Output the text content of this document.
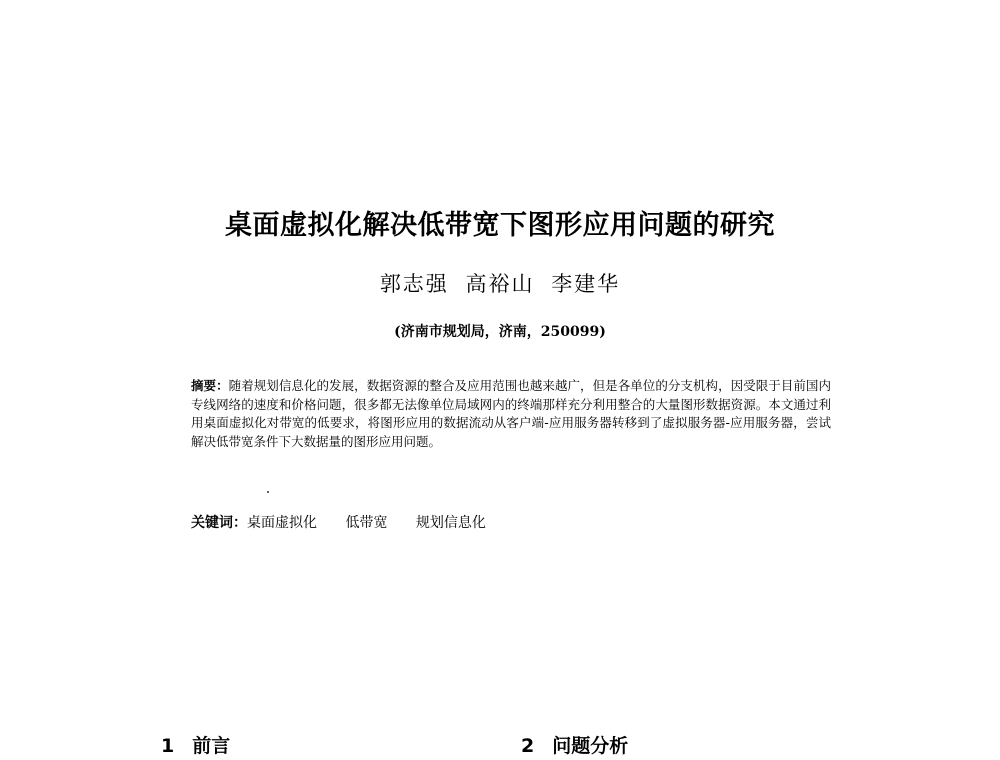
桌面虚拟化解决低带宽下图形应用问题的研究
郭志强 高裕山 李建华
(济南市规划局，济南，250099)
摘要：随着规划信息化的发展，数据资源的整合及应用范围也越来越广，但是各单位的分支机构，因受限于目前国内专线网络的速度和价格问题，很多都无法像单位局域网内的终端那样充分利用整合的大量图形数据资源。本文通过利用桌面虚拟化对带宽的低要求，将图形应用的数据流动从客户端-应用服务器转移到了虚拟服务器-应用服务器，尝试解决低带宽条件下大数据量的图形应用问题。
关键词：桌面虚拟化 低带宽 规划信息化
1 前言	2 问题分析
